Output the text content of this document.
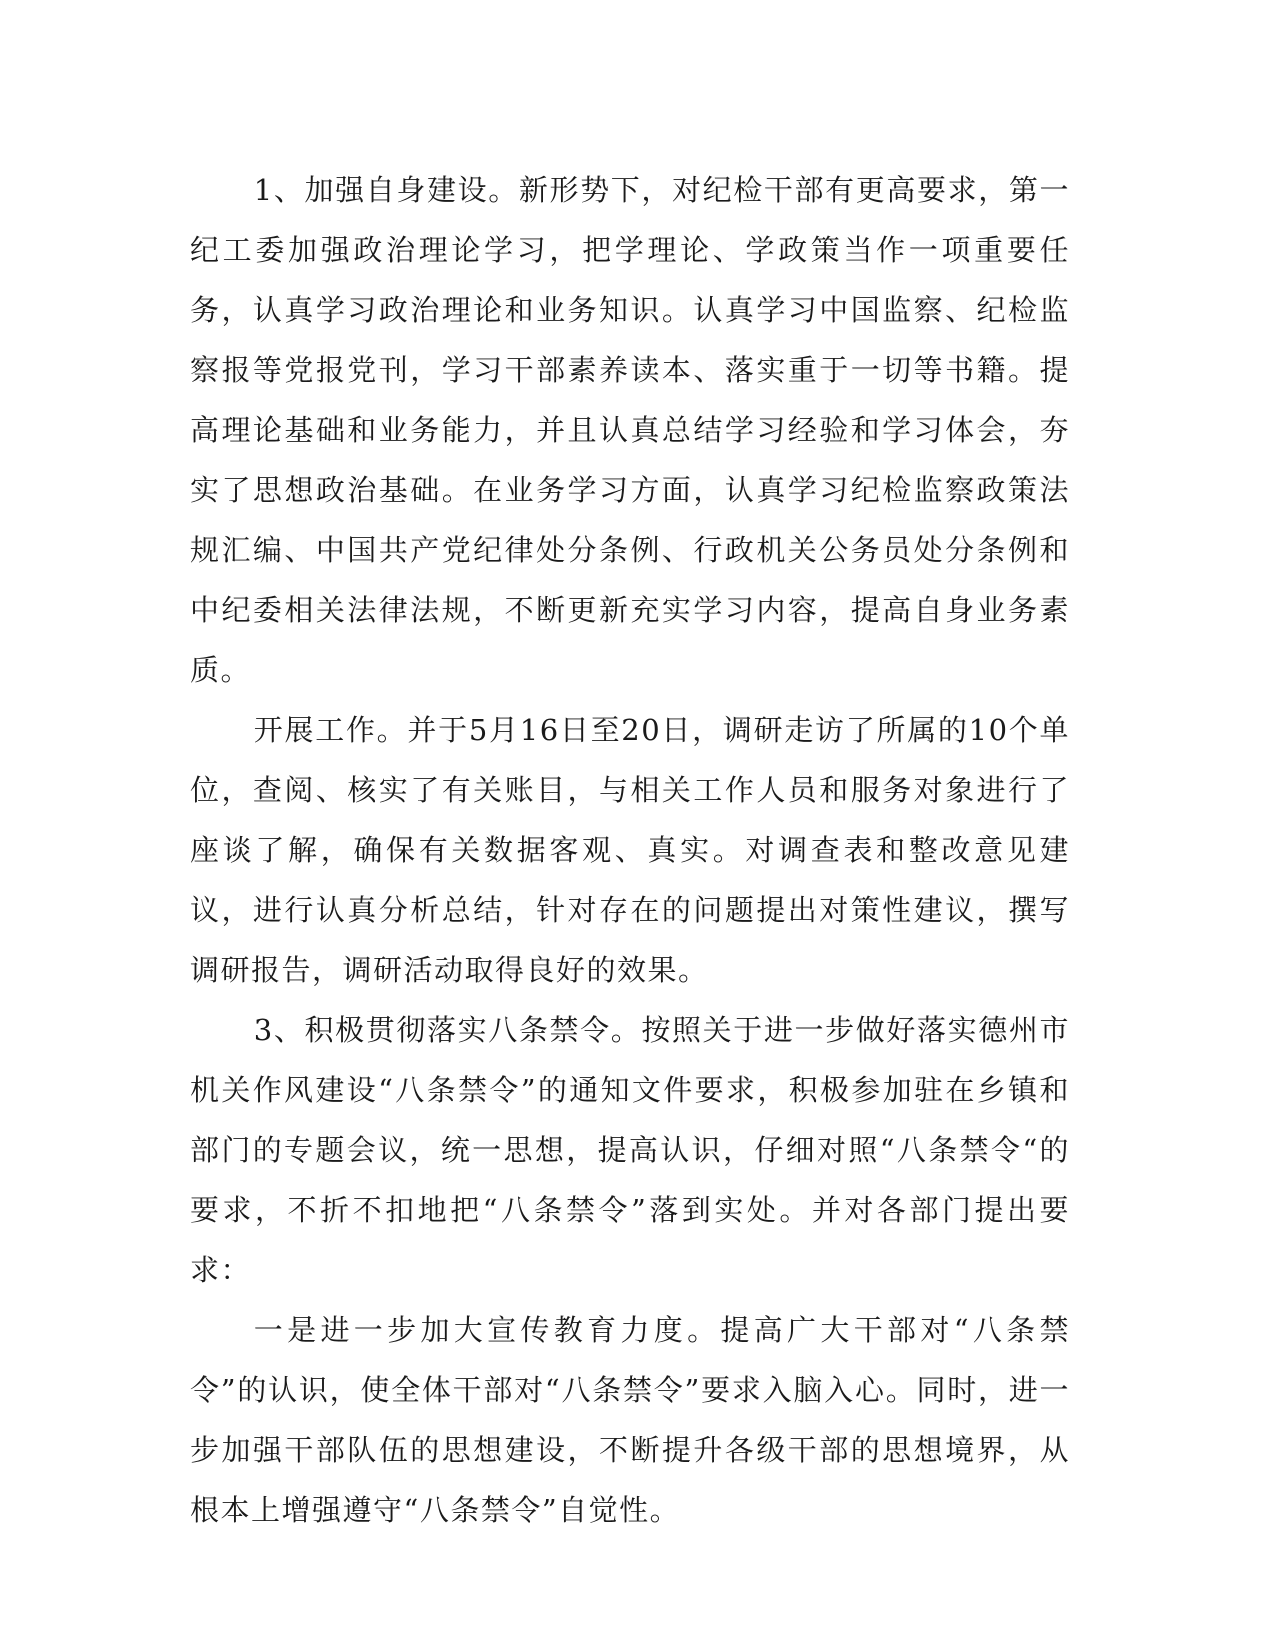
1、加强自身建设。新形势下，对纪检干部有更高要求，第一纪工委加强政治理论学习，把学理论、学政策当作一项重要任务，认真学习政治理论和业务知识。认真学习中国监察、纪检监察报等党报党刊，学习干部素养读本、落实重于一切等书籍。提高理论基础和业务能力，并且认真总结学习经验和学习体会，夯实了思想政治基础。在业务学习方面，认真学习纪检监察政策法规汇编、中国共产党纪律处分条例、行政机关公务员处分条例和中纪委相关法律法规，不断更新充实学习内容，提高自身业务素质。

开展工作。并于5月16日至20日，调研走访了所属的10个单位，查阅、核实了有关账目，与相关工作人员和服务对象进行了座谈了解，确保有关数据客观、真实。对调查表和整改意见建议，进行认真分析总结，针对存在的问题提出对策性建议，撰写调研报告，调研活动取得良好的效果。

3、积极贯彻落实八条禁令。按照关于进一步做好落实德州市机关作风建设“八条禁令”的通知文件要求，积极参加驻在乡镇和部门的专题会议，统一思想，提高认识，仔细对照“八条禁令“的要求，不折不扣地把“八条禁令”落到实处。并对各部门提出要求：

一是进一步加大宣传教育力度。提高广大干部对“八条禁令”的认识，使全体干部对“八条禁令”要求入脑入心。同时，进一步加强干部队伍的思想建设，不断提升各级干部的思想境界，从根本上增强遵守“八条禁令”自觉性。
